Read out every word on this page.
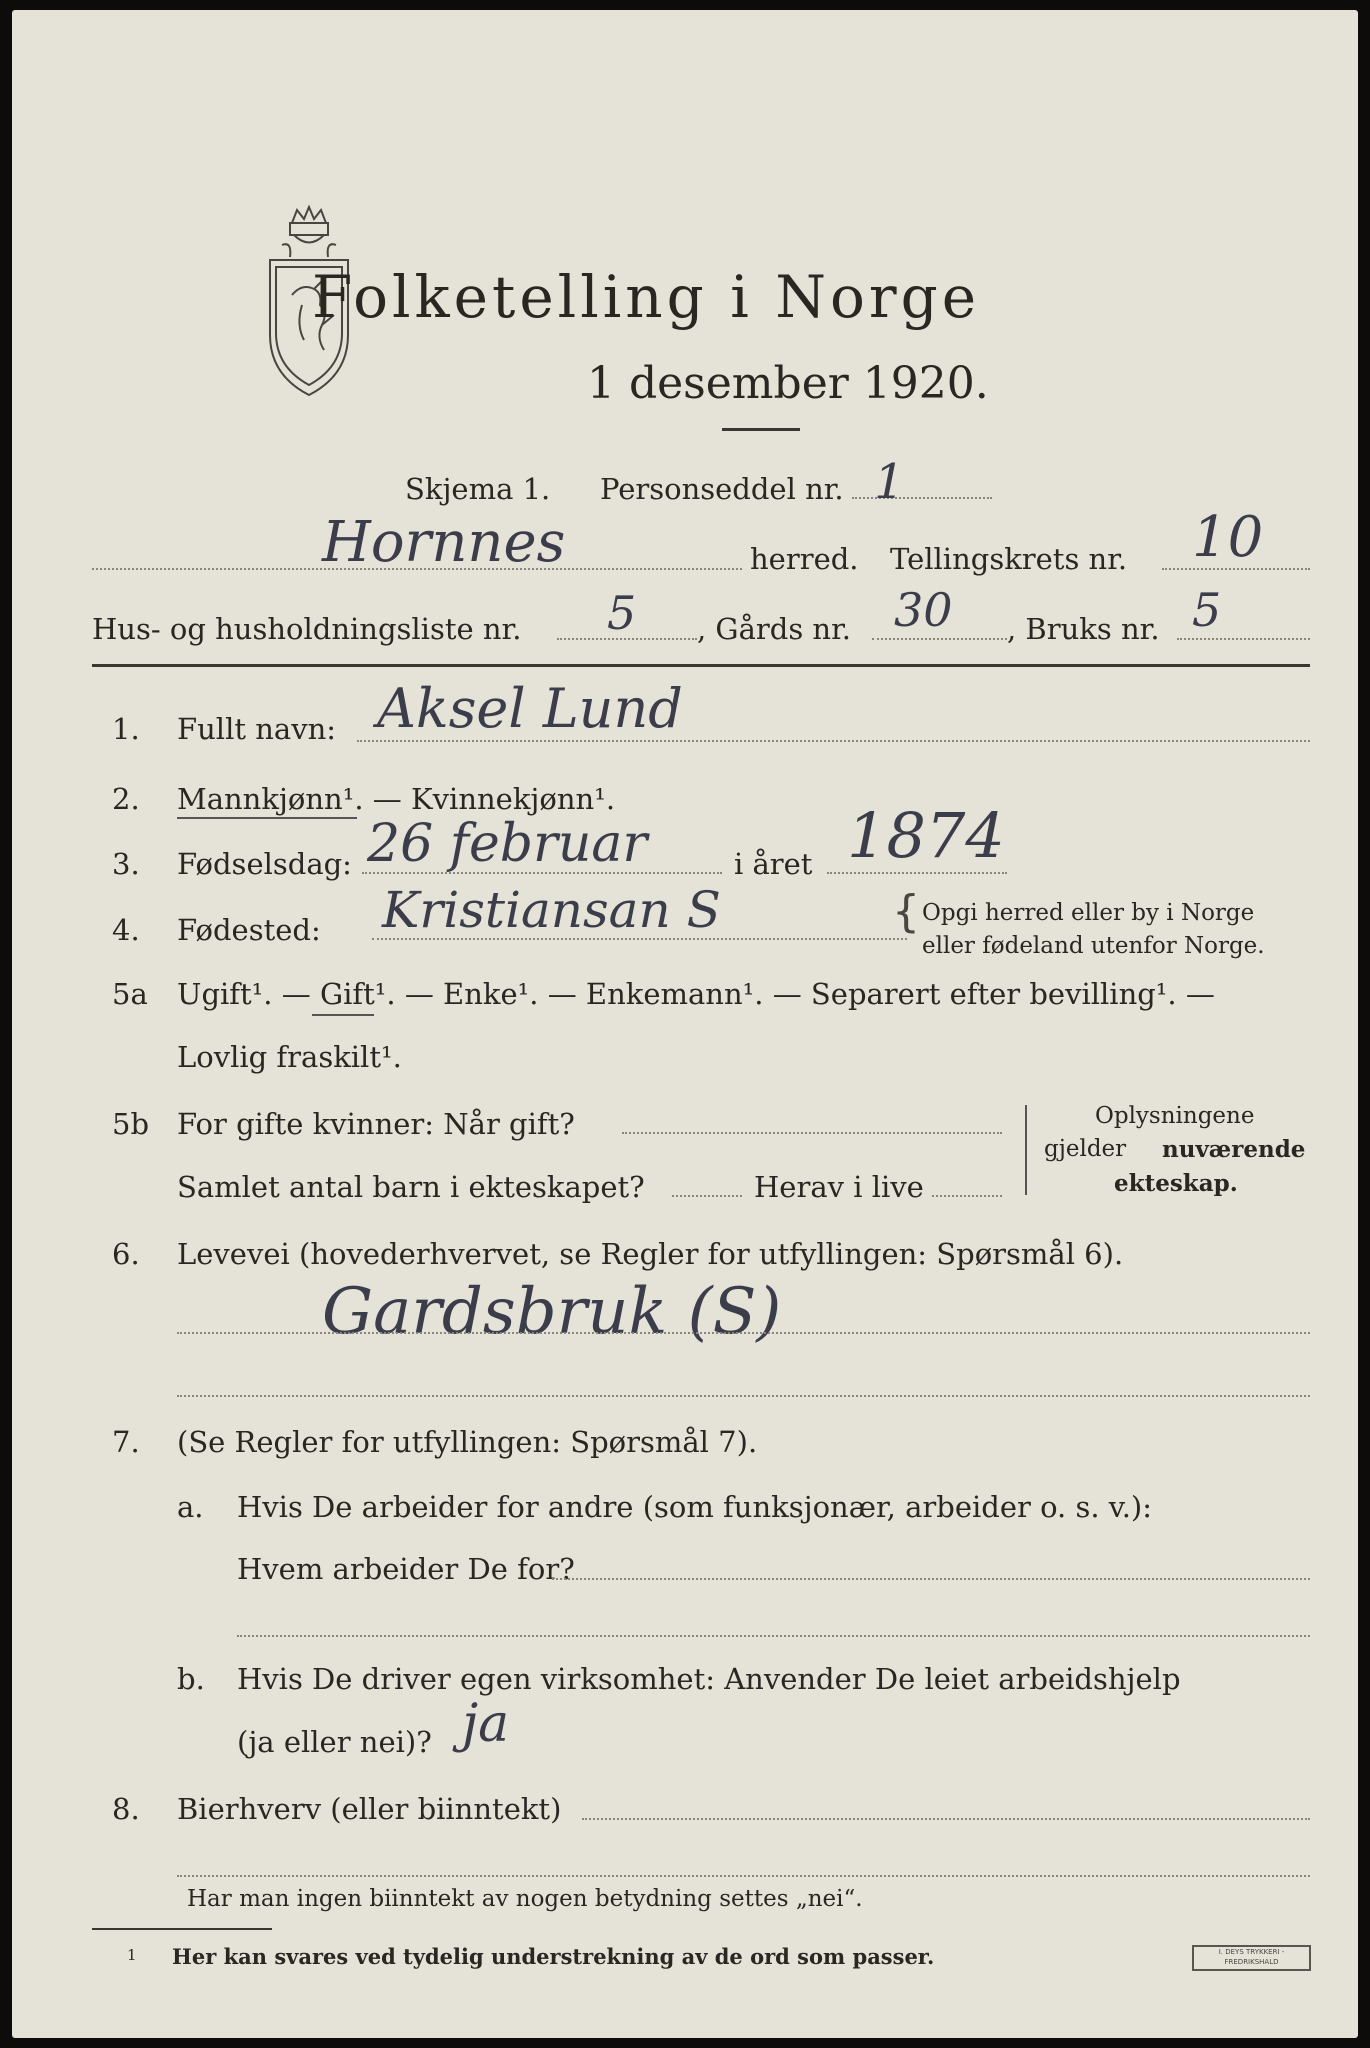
Folketelling i Norge
1 desember 1920.
Skjema 1. Personseddel nr. 1
Hornnes	herred. Tellingskrets nr. 10
Hus- og husholdningsliste nr. 5 , Gårds nr. 30 , Bruks nr. 5
1. Fullt navn: Aksel Lund
2. Mannkjønn¹. — Kvinnekjønn¹.
3. Fødselsdag: 26 februar	i året 1874
4. Fødested: Kristiansan S	{ Opgi herred eller by i Norge
eller fødeland utenfor Norge.
5a Ugift¹. — Gift¹. — Enke¹. — Enkemann¹. — Separert efter bevilling¹. —
Lovlig fraskilt¹.
5b For gifte kvinner: Når gift?
Samlet antal barn i ekteskapet?	Herav i live
Oplysningene
gjelder nuværende
ekteskap.
6. Levevei (hovederhvervet, se Regler for utfyllingen: Spørsmål 6).
Gardsbruk (S)
7. (Se Regler for utfyllingen: Spørsmål 7).
a. Hvis De arbeider for andre (som funksjonær, arbeider o. s. v.):
Hvem arbeider De for?
b. Hvis De driver egen virksomhet: Anvender De leiet arbeidshjelp
(ja eller nei)? ja
8. Bierhverv (eller biinntekt)
Har man ingen biinntekt av nogen betydning settes „nei“.
1 Her kan svares ved tydelig understrekning av de ord som passer.	I. DEYS TRYKKERI - FREDRIKSHALD
